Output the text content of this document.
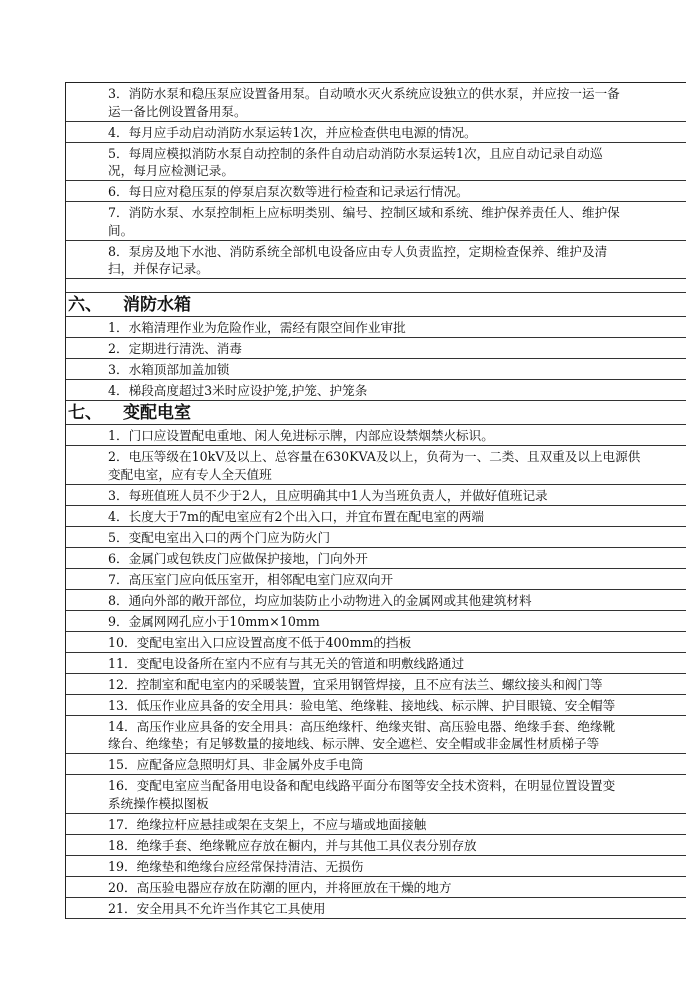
3．消防水泵和稳压泵应设置备用泵。自动喷水灭火系统应设独立的供水泵，并应按一运一备
运一备比例设置备用泵。
4．每月应手动启动消防水泵运转1次，并应检查供电电源的情况。
5．每周应模拟消防水泵自动控制的条件自动启动消防水泵运转1次，且应自动记录自动巡
况，每月应检测记录。
6．每日应对稳压泵的停泵启泵次数等进行检查和记录运行情况。
7．消防水泵、水泵控制柜上应标明类别、编号、控制区域和系统、维护保养责任人、维护保
间。
8．泵房及地下水池、消防系统全部机电设备应由专人负责监控，定期检查保养、维护及清
扫，并保存记录。
六、 消防水箱
1．水箱清理作业为危险作业，需经有限空间作业审批
2．定期进行清洗、消毒
3．水箱顶部加盖加锁
4．梯段高度超过3米时应设护笼,护笼、护笼条
七、 变配电室
1．门口应设置配电重地、闲人免进标示牌，内部应设禁烟禁火标识。
2．电压等级在10kV及以上、总容量在630KVA及以上，负荷为一、二类、且双重及以上电源供
变配电室，应有专人全天值班
3．每班值班人员不少于2人，且应明确其中1人为当班负责人，并做好值班记录
4．长度大于7m的配电室应有2个出入口，并宜布置在配电室的两端
5．变配电室出入口的两个门应为防火门
6．金属门或包铁皮门应做保护接地，门向外开
7．高压室门应向低压室开，相邻配电室门应双向开
8．通向外部的敞开部位，均应加装防止小动物进入的金属网或其他建筑材料
9．金属网网孔应小于10mm×10mm
10．变配电室出入口应设置高度不低于400mm的挡板
11．变配电设备所在室内不应有与其无关的管道和明敷线路通过
12．控制室和配电室内的采暖装置，宜采用钢管焊接，且不应有法兰、螺纹接头和阀门等
13．低压作业应具备的安全用具：验电笔、绝缘鞋、接地线、标示牌、护目眼镜、安全帽等
14．高压作业应具备的安全用具：高压绝缘杆、绝缘夹钳、高压验电器、绝缘手套、绝缘靴
缘台、绝缘垫；有足够数量的接地线、标示牌、安全遮栏、安全帽或非金属性材质梯子等
15．应配备应急照明灯具、非金属外皮手电筒
16．变配电室应当配备用电设备和配电线路平面分布图等安全技术资料，在明显位置设置变
系统操作模拟图板
17．绝缘拉杆应悬挂或架在支架上，不应与墙或地面接触
18．绝缘手套、绝缘靴应存放在橱内，并与其他工具仪表分别存放
19．绝缘垫和绝缘台应经常保持清洁、无损伤
20．高压验电器应存放在防潮的匣内，并将匣放在干燥的地方
21．安全用具不允许当作其它工具使用
